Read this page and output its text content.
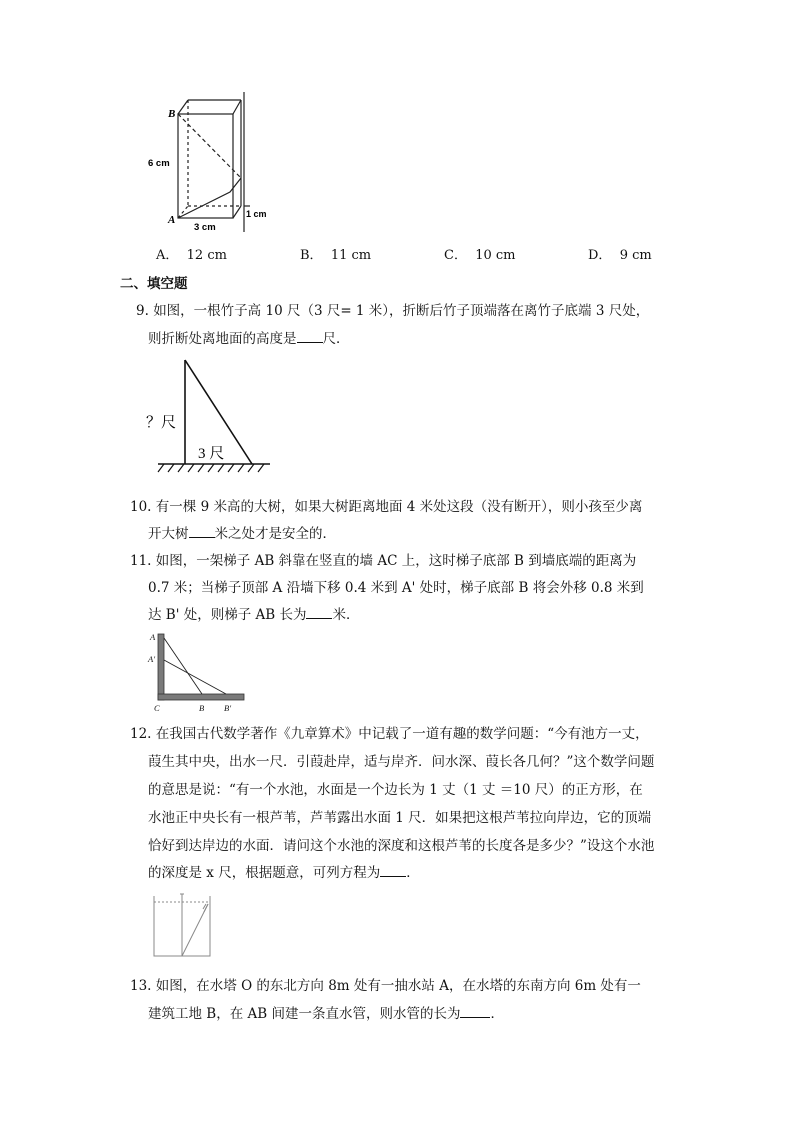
B
A
6 cm
3 cm
1 cm
A． 12 cm	B． 11 cm	C． 10 cm	D． 9 cm
二、填空题
9. 如图，一根竹子高 10 尺（3 尺= 1 米），折断后竹子顶端落在离竹子底端 3 尺处，
则折断处离地面的高度是 尺．
？尺
3 尺
10. 有一棵 9 米高的大树，如果大树距离地面 4 米处这段（没有断开），则小孩至少离
开大树 米之处才是安全的．
11. 如图，一架梯子 AB 斜靠在竖直的墙 AC 上，这时梯子底部 B 到墙底端的距离为
0.7 米；当梯子顶部 A 沿墙下移 0.4 米到 A' 处时，梯子底部 B 将会外移 0.8 米到
达 B' 处，则梯子 AB 长为 米．
A
A'
C	B B'
12. 在我国古代数学著作《九章算术》中记载了一道有趣的数学问题：“今有池方一丈，
葭生其中央，出水一尺．引葭赴岸，适与岸齐．问水深、葭长各几何？”这个数学问题
的意思是说：“有一个水池，水面是一个边长为 1 丈（1 丈 ＝10 尺）的正方形，在
水池正中央长有一根芦苇，芦苇露出水面 1 尺．如果把这根芦苇拉向岸边，它的顶端
恰好到达岸边的水面．请问这个水池的深度和这根芦苇的长度各是多少？”设这个水池
的深度是 x 尺，根据题意，可列方程为 ．
13. 如图，在水塔 O 的东北方向 8m 处有一抽水站 A，在水塔的东南方向 6m 处有一
建筑工地 B，在 AB 间建一条直水管，则水管的长为 ．
